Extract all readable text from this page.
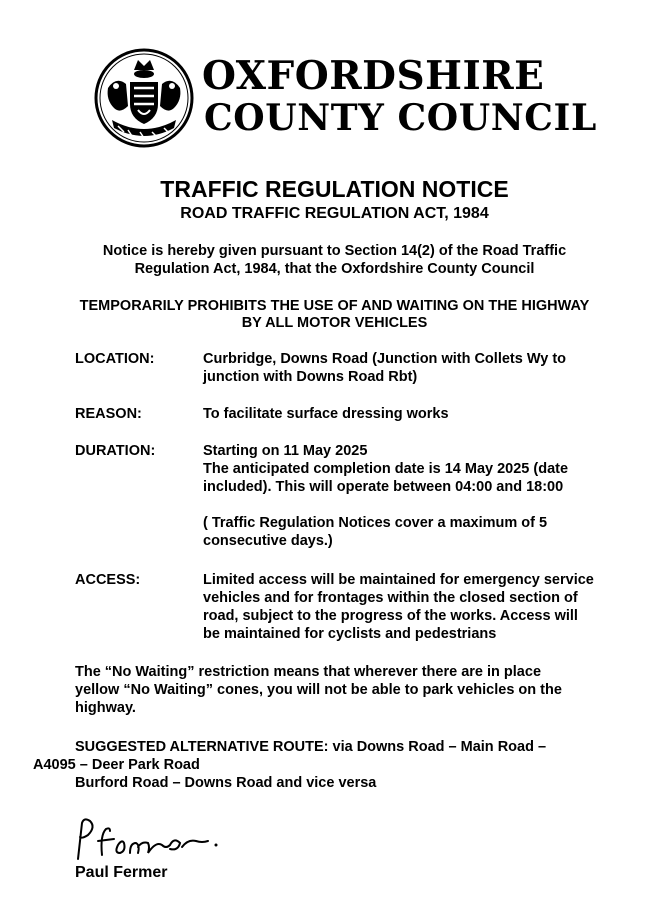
OXFORDSHIRE
COUNTY COUNCIL
TRAFFIC REGULATION NOTICE
ROAD TRAFFIC REGULATION ACT, 1984
Notice is hereby given pursuant to Section 14(2) of the Road Traffic
Regulation Act, 1984, that the Oxfordshire County Council
TEMPORARILY PROHIBITS THE USE OF AND WAITING ON THE HIGHWAY
BY ALL MOTOR VEHICLES
LOCATION:	Curbridge, Downs Road (Junction with Collets Wy to
junction with Downs Road Rbt)
REASON:	To facilitate surface dressing works
DURATION:	Starting on 11 May 2025
The anticipated completion date is 14 May 2025 (date
included). This will operate between 04:00 and 18:00
( Traffic Regulation Notices cover a maximum of 5
consecutive days.)
ACCESS:	Limited access will be maintained for emergency service
vehicles and for frontages within the closed section of
road, subject to the progress of the works. Access will
be maintained for cyclists and pedestrians
The “No Waiting” restriction means that wherever there are in place
yellow “No Waiting” cones, you will not be able to park vehicles on the
highway.
SUGGESTED ALTERNATIVE ROUTE: via Downs Road – Main Road –
A4095 – Deer Park Road
Burford Road – Downs Road and vice versa
Paul Fermer
